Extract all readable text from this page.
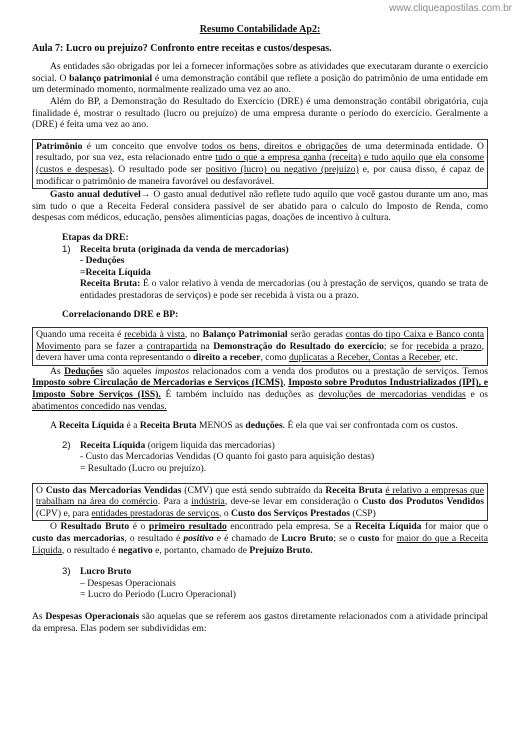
www.cliqueapostilas.com.br
Resumo Contabilidade Ap2:
Aula 7: Lucro ou prejuízo? Confronto entre receitas e custos/despesas.

As entidades são obrigadas por lei a fornecer informações sobre as atividades que executaram durante o exercício social. O balanço patrimonial é uma demonstração contábil que reflete a posição do patrimônio de uma entidade em um determinado momento, normalmente realizado uma vez ao ano.

Além do BP, a Demonstração do Resultado do Exercício (DRE) é uma demonstração contábil obrigatória, cuja finalidade é, mostrar o resultado (lucro ou prejuízo) de uma empresa durante o período do exercício. Geralmente a (DRE) é feita uma vez ao ano.

Patrimônio é um conceito que envolve todos os bens, direitos e obrigações de uma determinada entidade. O resultado, por sua vez, esta relacionado entre tudo o que a empresa ganha (receita) e tudo aquilo que ela consome (custos e despesas). O resultado pode ser positivo (lucro) ou negativo (prejuízo) e, por causa disso, é capaz de modificar o patrimônio de maneira favorável ou desfavorável.

Gasto anual dedutível→ O gasto anual dedutível não reflete tudo aquilo que você gastou durante um ano, mas sim tudo o que a Receita Federal considera passível de ser abatido para o calculo do Imposto de Renda, como despesas com médicos, educação, pensões alimentícias pagas, doações de incentivo à cultura.

Etapas da DRE:
1) Receita bruta (originada da venda de mercadorias)
- Deduções
=Receita Líquida

Receita Bruta: É o valor relativo à venda de mercadorias (ou à prestação de serviços, quando se trata de entidades prestadoras de serviços) e pode ser recebida à vista ou a prazo.

Correlacionando DRE e BP:

Quando uma receita é recebida à vista, no Balanço Patrimonial serão geradas contas do tipo Caixa e Banco conta Movimento para se fazer a contrapartida na Demonstração do Resultado do exercício; se for recebida a prazo, devera haver uma conta representando o direito a receber, como duplicatas a Receber, Contas a Receber, etc.

As Deduções são aqueles impostos relacionados com a venda dos produtos ou a prestação de serviços. Temos Imposto sobre Circulação de Mercadorias e Serviços (ICMS), Imposto sobre Produtos Industrializados (IPI), e Imposto Sobre Serviços (ISS). É também incluído nas deduções as devoluções de mercadorias vendidas e os abatimentos concedido nas vendas.

A Receita Líquida é a Receita Bruta MENOS as deduções. É ela que vai ser confrontada com os custos.

2) Receita Líquida (origem liquida das mercadorias)
- Custo das Mercadorias Vendidas (O quanto foi gasto para aquisição destas)
= Resultado (Lucro ou prejuízo).

O Custo das Mercadorias Vendidas (CMV) que está sendo subtraído da Receita Bruta é relativo a empresas que trabalham na área do comércio. Para a indústria, deve-se levar em consideração o Custo dos Produtos Vendidos (CPV) e, para entidades prestadoras de serviços, o Custo dos Serviços Prestados (CSP)

O Resultado Bruto é o primeiro resultado encontrado pela empresa. Se a Receita Líquida for maior que o custo das mercadorias, o resultado é positivo e é chamado de Lucro Bruto; se o custo for maior do que a Receita Líquida, o resultado é negativo e, portanto, chamado de Prejuízo Bruto.

3) Lucro Bruto
– Despesas Operacionais
= Lucro do Período (Lucro Operacional)

As Despesas Operacionais são aquelas que se referem aos gastos diretamente relacionados com a atividade principal da empresa. Elas podem ser subdivididas em:
